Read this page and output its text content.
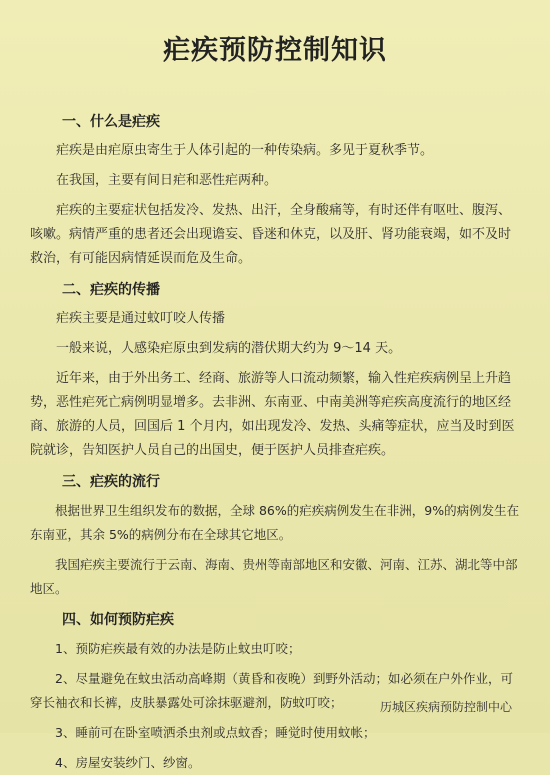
疟疾预防控制知识
一、什么是疟疾

疟疾是由疟原虫寄生于人体引起的一种传染病。多见于夏秋季节。

在我国，主要有间日疟和恶性疟两种。

疟疾的主要症状包括发冷、发热、出汗，全身酸痛等，有时还伴有呕吐、腹泻、咳嗽。病情严重的患者还会出现谵妄、昏迷和休克，以及肝、肾功能衰竭，如不及时救治，有可能因病情延误而危及生命。

二、疟疾的传播

疟疾主要是通过蚊叮咬人传播

一般来说，人感染疟原虫到发病的潜伏期大约为 9～14 天。

近年来，由于外出务工、经商、旅游等人口流动频繁，输入性疟疾病例呈上升趋势，恶性疟死亡病例明显增多。去非洲、东南亚、中南美洲等疟疾高度流行的地区经商、旅游的人员，回国后 1 个月内，如出现发冷、发热、头痛等症状，应当及时到医院就诊，告知医护人员自己的出国史，便于医护人员排查疟疾。

三、疟疾的流行

根据世界卫生组织发布的数据，全球 86%的疟疾病例发生在非洲，9%的病例发生在东南亚，其余 5%的病例分布在全球其它地区。

我国疟疾主要流行于云南、海南、贵州等南部地区和安徽、河南、江苏、湖北等中部地区。

四、如何预防疟疾

1、预防疟疾最有效的办法是防止蚊虫叮咬；

2、尽量避免在蚊虫活动高峰期（黄昏和夜晚）到野外活动；如必须在户外作业，可穿长袖衣和长裤，皮肤暴露处可涂抹驱避剂，防蚊叮咬；

3、睡前可在卧室喷洒杀虫剂或点蚊香；睡觉时使用蚊帐；

4、房屋安装纱门、纱窗。

历城区疾病预防控制中心
